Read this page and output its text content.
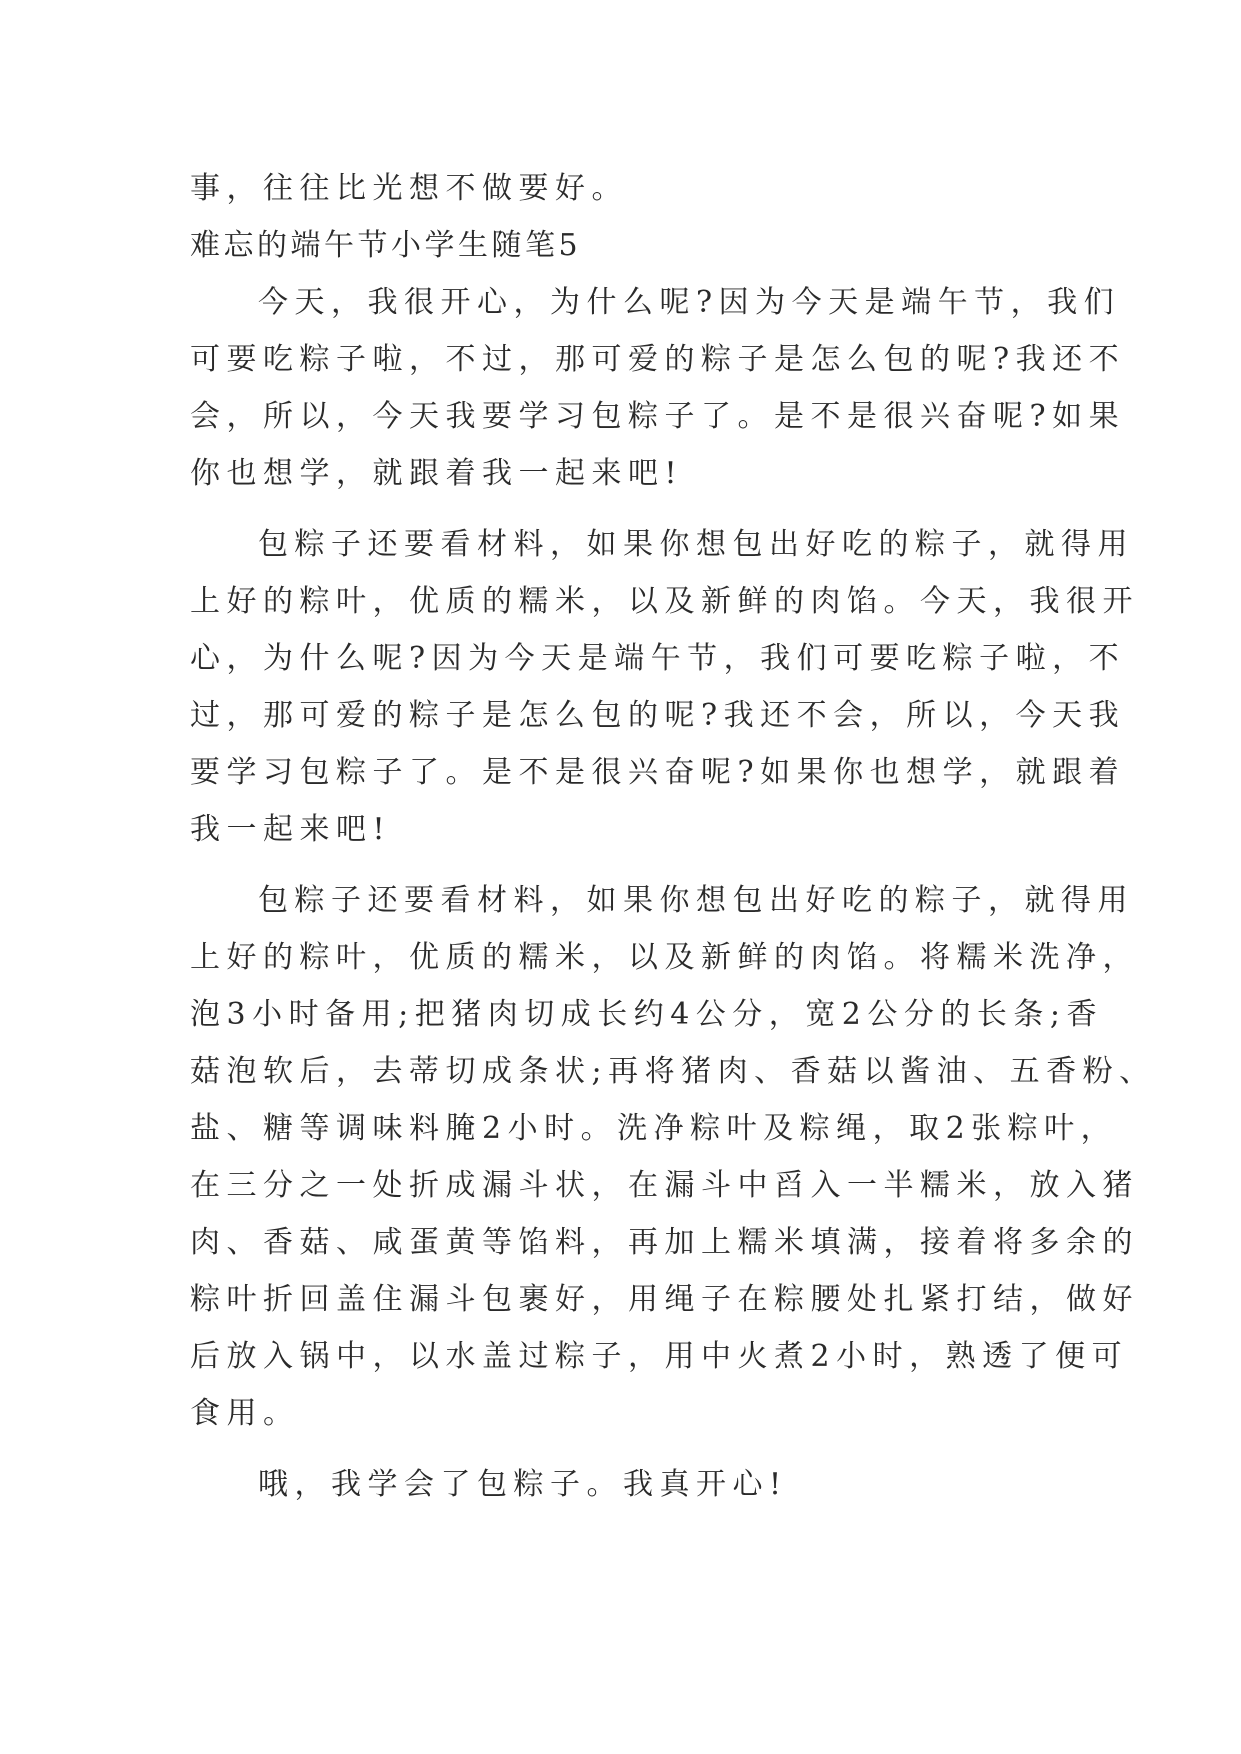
事，往往比光想不做要好。
难忘的端午节小学生随笔5
今天，我很开心，为什么呢?因为今天是端午节，我们
可要吃粽子啦，不过，那可爱的粽子是怎么包的呢?我还不
会，所以，今天我要学习包粽子了。是不是很兴奋呢?如果
你也想学，就跟着我一起来吧!
包粽子还要看材料，如果你想包出好吃的粽子，就得用
上好的粽叶，优质的糯米，以及新鲜的肉馅。今天，我很开
心，为什么呢?因为今天是端午节，我们可要吃粽子啦，不
过，那可爱的粽子是怎么包的呢?我还不会，所以，今天我
要学习包粽子了。是不是很兴奋呢?如果你也想学，就跟着
我一起来吧!
包粽子还要看材料，如果你想包出好吃的粽子，就得用
上好的粽叶，优质的糯米，以及新鲜的肉馅。将糯米洗净，
泡3小时备用;把猪肉切成长约4公分，宽2公分的长条;香
菇泡软后，去蒂切成条状;再将猪肉、香菇以酱油、五香粉、
盐、糖等调味料腌2小时。洗净粽叶及粽绳，取2张粽叶，
在三分之一处折成漏斗状，在漏斗中舀入一半糯米，放入猪
肉、香菇、咸蛋黄等馅料，再加上糯米填满，接着将多余的
粽叶折回盖住漏斗包裹好，用绳子在粽腰处扎紧打结，做好
后放入锅中，以水盖过粽子，用中火煮2小时，熟透了便可
食用。
哦，我学会了包粽子。我真开心!
